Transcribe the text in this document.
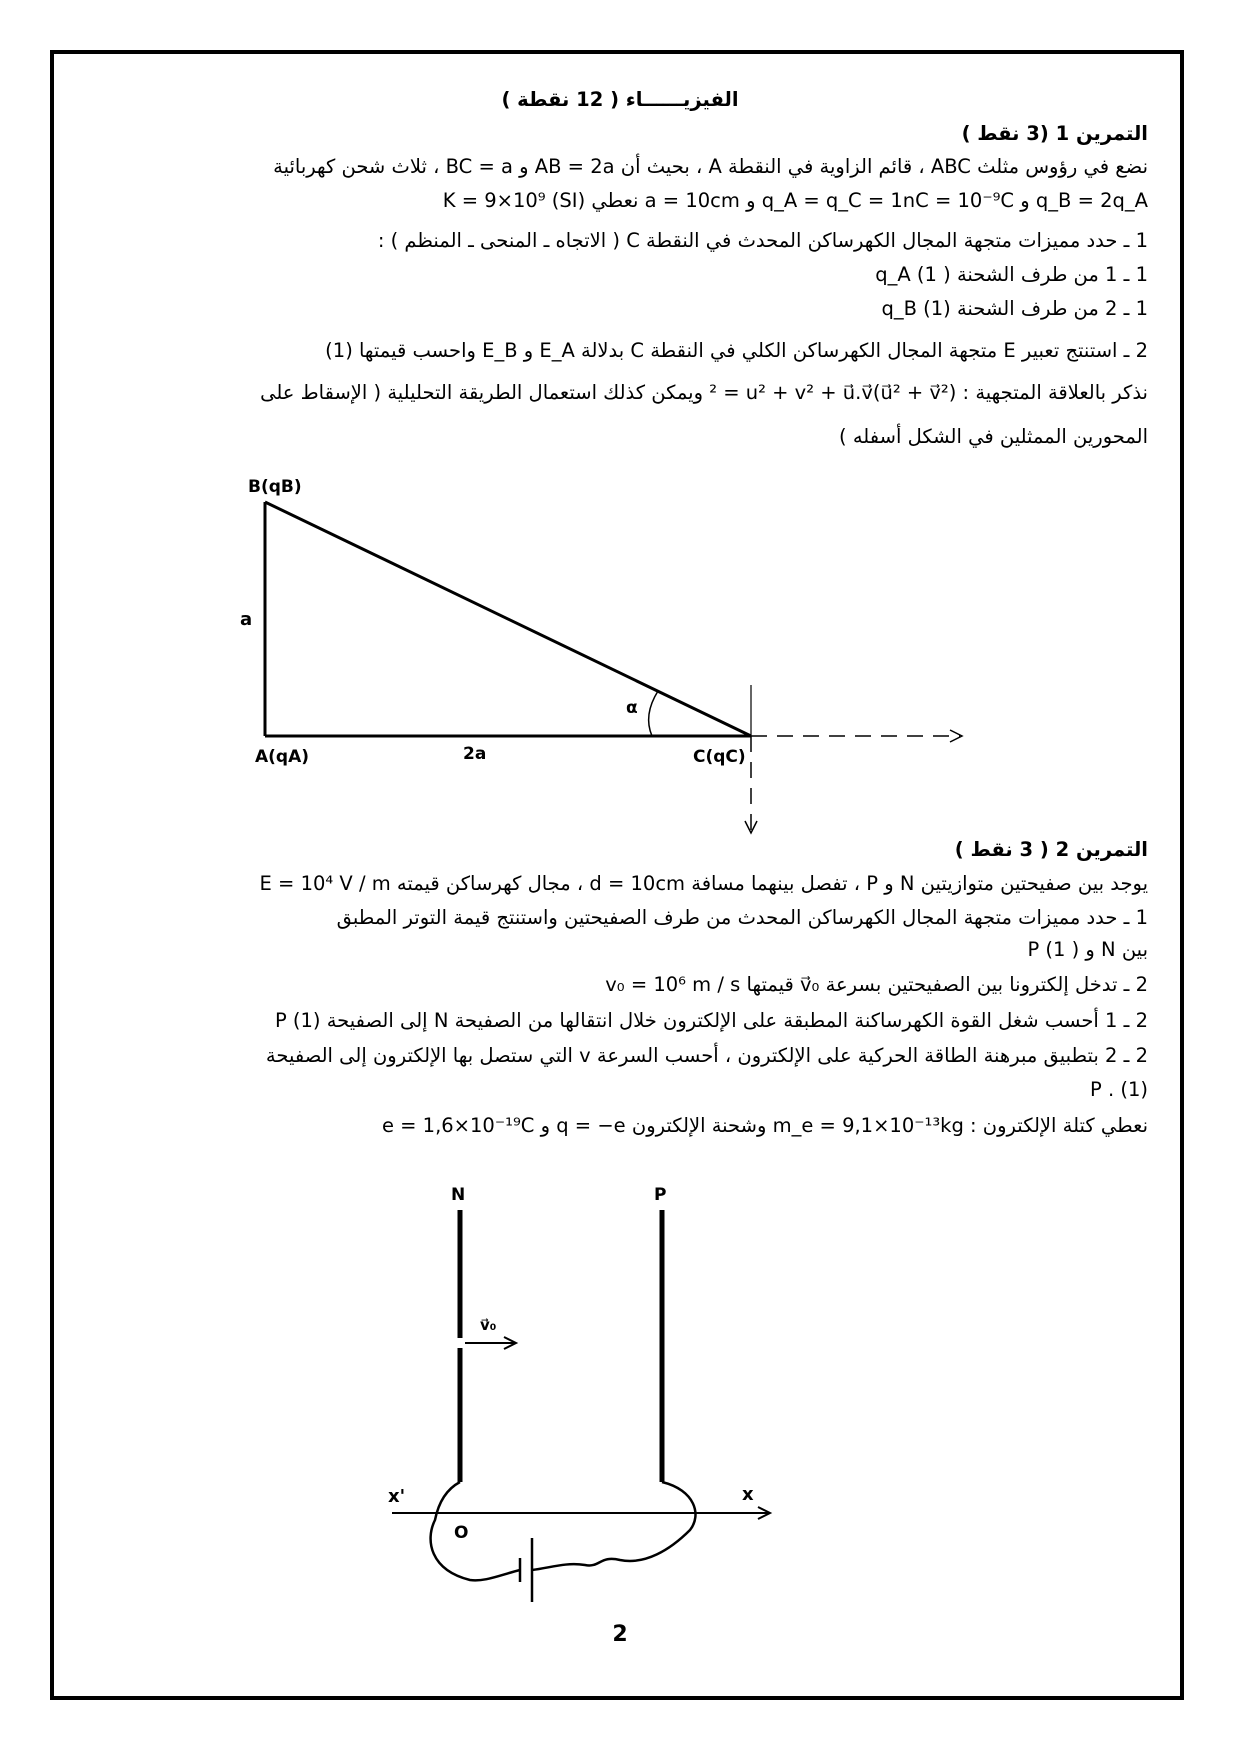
الفيزيــــــاء ( 12 نقطة )
التمرين 1 (3 نقط )
نضع في رؤوس مثلث ABC ، قائم الزاوية في النقطة A ، بحيث أن AB = 2a و BC = a ، ثلاث شحن كهربائية
q_B = 2q_A و q_A = q_C = 1nC = 10⁻⁹C و a = 10cm نعطي (SI) K = 9×10⁹
1 ـ حدد مميزات متجهة المجال الكهرساكن المحدث في النقطة C ( الاتجاه ـ المنحى ـ المنظم ) :
1 ـ 1 من طرف الشحنة q_A (1 )
1 ـ 2 من طرف الشحنة q_B (1)
2 ـ استنتج تعبير E متجهة المجال الكهرساكن الكلي في النقطة C بدلالة E_A و E_B واحسب قيمتها (1)
نذكر بالعلاقة المتجهية : (u⃗² + v⃗²)² = u² + v² + u⃗.v⃗ ويمكن كذلك استعمال الطريقة التحليلية ( الإسقاط على
المحورين الممثلين في الشكل أسفله )
B(qB)
a
A(qA)	2a	C(qC)
α
التمرين 2 ( 3 نقط )
يوجد بين صفيحتين متوازيتين N و P ، تفصل بينهما مسافة d = 10cm ، مجال كهرساكن قيمته E = 10⁴ V / m
1 ـ حدد مميزات متجهة المجال الكهرساكن المحدث من طرف الصفيحتين واستنتج قيمة التوتر المطبق
بين N و P (1 )
2 ـ تدخل إلكترونا بين الصفيحتين بسرعة v⃗₀ قيمتها v₀ = 10⁶ m / s
2 ـ 1 أحسب شغل القوة الكهرساكنة المطبقة على الإلكترون خلال انتقالها من الصفيحة N إلى الصفيحة P (1)
2 ـ 2 بتطبيق مبرهنة الطاقة الحركية على الإلكترون ، أحسب السرعة v التي ستصل بها الإلكترون إلى الصفيحة
P . (1)
نعطي كتلة الإلكترون : m_e = 9,1×10⁻¹³kg وشحنة الإلكترون q = −e و e = 1,6×10⁻¹⁹C
N	P
v⃗₀
x'	x
O
2
